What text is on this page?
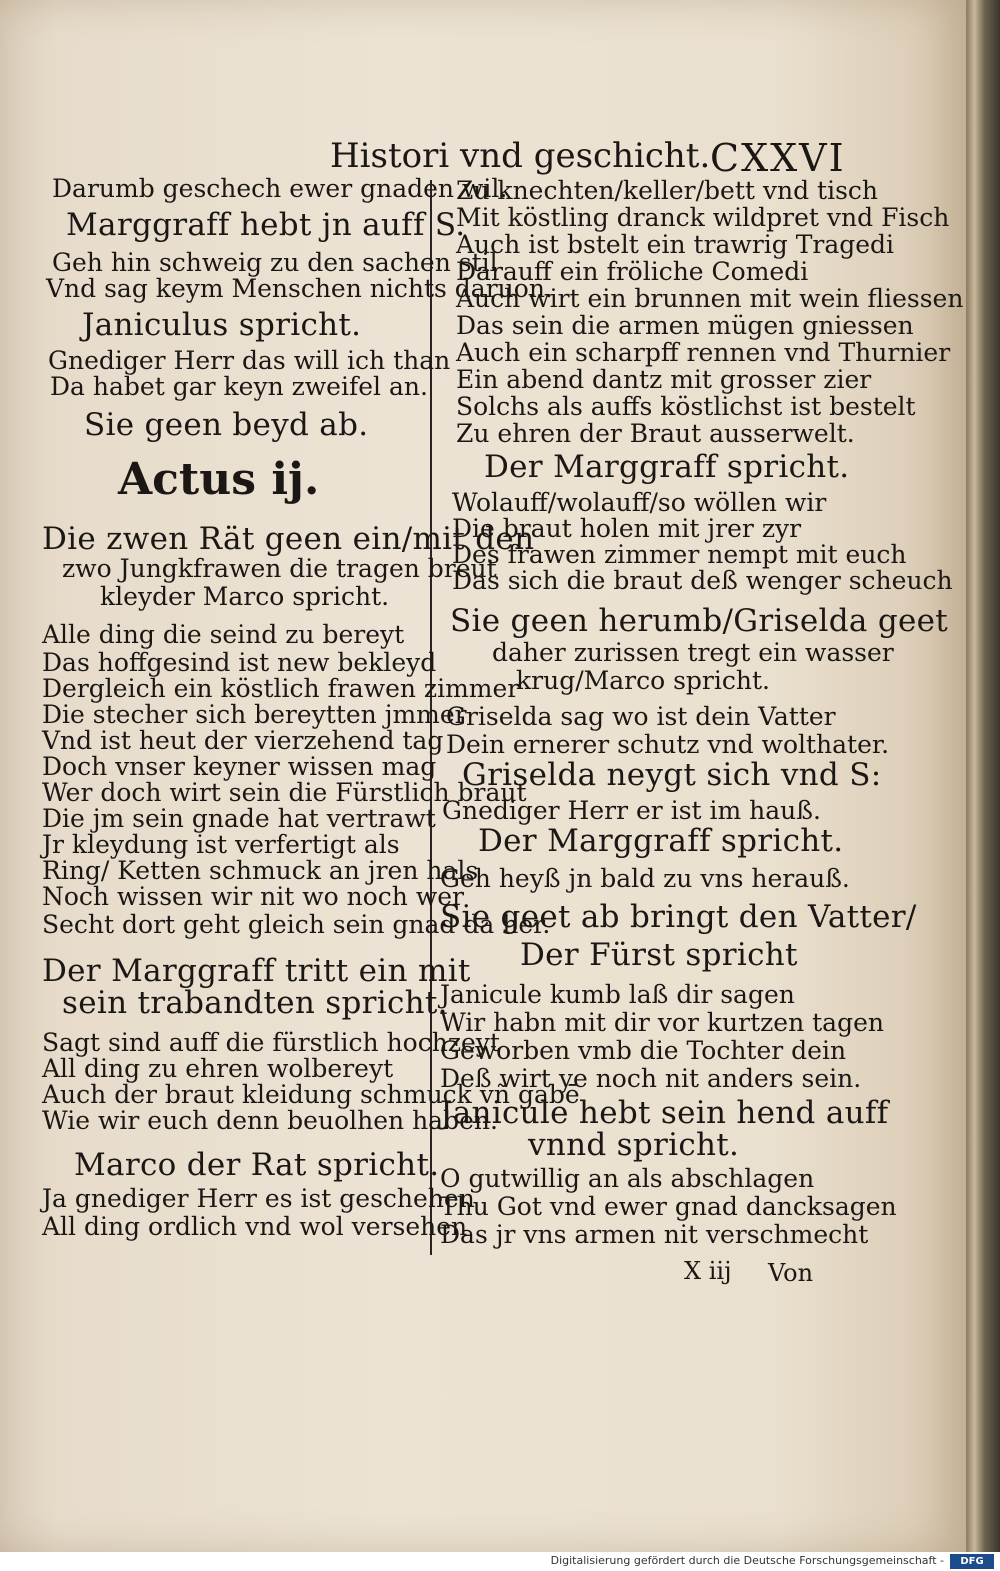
Histori vnd geschicht. CXXVI
X iij Von
Darumb geschech ewer gnaden wil.
Marggraff hebt jn auff S.
Geh hin schweig zu den sachen stil
Vnd sag keym Menschen nichts daruon.
Janiculus spricht.
Gnediger Herr das will ich than
Da habet gar keyn zweifel an.
Sie geen beyd ab.
Actus ij.
Die zwen Rät geen ein/mit den
zwo Jungkfrawen die tragen breut
kleyder Marco spricht.
Alle ding die seind zu bereyt
Das hoffgesind ist new bekleyd
Dergleich ein köstlich frawen zimmer
Die stecher sich bereytten jmmer
Vnd ist heut der vierzehend tag
Doch vnser keyner wissen mag
Wer doch wirt sein die Fürstlich braut
Die jm sein gnade hat vertrawt
Jr kleydung ist verfertigt als
Ring/ Ketten schmuck an jren hals
Noch wissen wir nit wo noch wer
Secht dort geht gleich sein gnad da her.
Der Marggraff tritt ein mit
sein trabandten spricht.
Sagt sind auff die fürstlich hochzeyt
All ding zu ehren wolbereyt
Auch der braut kleidung schmuck vñ gabē
Wie wir euch denn beuolhen haben.
Marco der Rat spricht.
Ja gnediger Herr es ist geschehen
All ding ordlich vnd wol versehen
Zu knechten/keller/bett vnd tisch
Mit köstling dranck wildpret vnd Fisch
Auch ist bstelt ein trawrig Tragedi
Darauff ein fröliche Comedi
Auch wirt ein brunnen mit wein fliessen
Das sein die armen mügen gniessen
Auch ein scharpff rennen vnd Thurnier
Ein abend dantz mit grosser zier
Solchs als auffs köstlichst ist bestelt
Zu ehren der Braut ausserwelt.
Der Marggraff spricht.
Wolauff/wolauff/so wöllen wir
Die braut holen mit jrer zyr
Des frawen zimmer nempt mit euch
Das sich die braut deß wenger scheuch
Sie geen herumb/Griselda geet
daher zurissen tregt ein wasser
krug/Marco spricht.
Griselda sag wo ist dein Vatter
Dein ernerer schutz vnd wolthater.
Griselda neygt sich vnd S:
Gnediger Herr er ist im hauß.
Der Marggraff spricht.
Geh heyß jn bald zu vns herauß.
Sie geet ab bringt den Vatter/
Der Fürst spricht
Janicule kumb laß dir sagen
Wir habn mit dir vor kurtzen tagen
Geworben vmb die Tochter dein
Deß wirt ye noch nit anders sein.
Janicule hebt sein hend auff
vnnd spricht.
O gutwillig an als abschlagen
Thu Got vnd ewer gnad dancksagen
Das jr vns armen nit verschmecht
Digitalisierung gefördert durch die Deutsche Forschungsgemeinschaft -	DFG
